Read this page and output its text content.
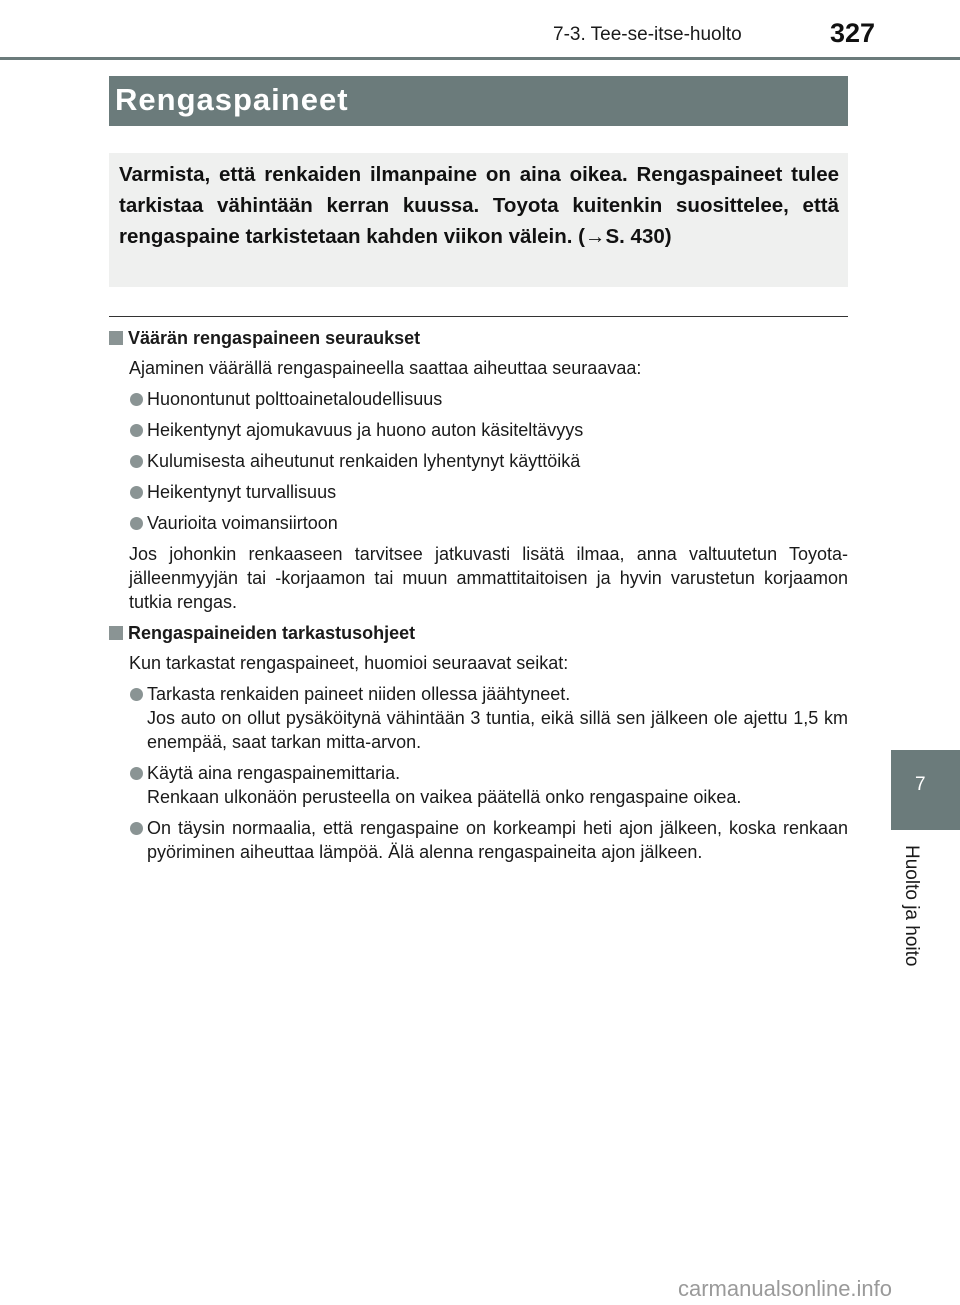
7-3. Tee-se-itse-huolto	327
Rengaspaineet

Varmista, että renkaiden ilmanpaine on aina oikea. Rengaspaineet tulee tarkistaa vähintään kerran kuussa. Toyota kuitenkin suosittelee, että rengaspaine tarkistetaan kahden viikon välein. (→S. 430)

Väärän rengaspaineen seuraukset
Ajaminen väärällä rengaspaineella saattaa aiheuttaa seuraavaa:
Huonontunut polttoainetaloudellisuus
Heikentynyt ajomukavuus ja huono auton käsiteltävyys
Kulumisesta aiheutunut renkaiden lyhentynyt käyttöikä
Heikentynyt turvallisuus
Vaurioita voimansiirtoon
Jos johonkin renkaaseen tarvitsee jatkuvasti lisätä ilmaa, anna valtuutetun Toyota-jälleenmyyjän tai -korjaamon tai muun ammattitaitoisen ja hyvin varustetun korjaamon tutkia rengas.
Rengaspaineiden tarkastusohjeet
Kun tarkastat rengaspaineet, huomioi seuraavat seikat:
Tarkasta renkaiden paineet niiden ollessa jäähtyneet.
Jos auto on ollut pysäköitynä vähintään 3 tuntia, eikä sillä sen jälkeen ole ajettu 1,5 km enempää, saat tarkan mitta-arvon.
Käytä aina rengaspainemittaria.
Renkaan ulkonäön perusteella on vaikea päätellä onko rengaspaine oikea.
On täysin normaalia, että rengaspaine on korkeampi heti ajon jälkeen, koska renkaan pyöriminen aiheuttaa lämpöä. Älä alenna rengaspaineita ajon jälkeen.
7
Huolto ja hoito
carmanualsonline.info
